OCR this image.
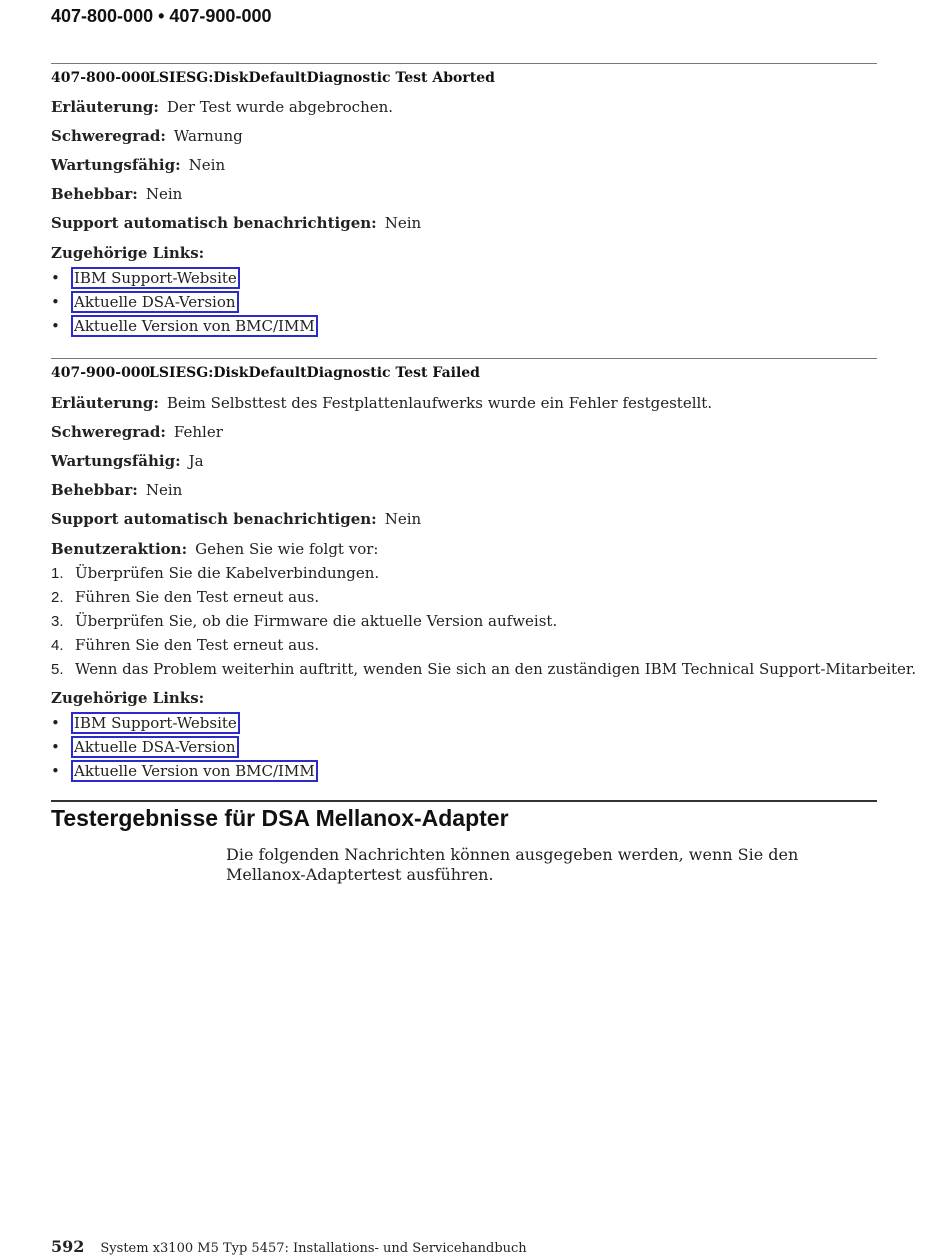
407-800-000 • 407-900-000
407-800-000LSIESG:DiskDefaultDiagnostic Test Aborted
Erläuterung: Der Test wurde abgebrochen.
Schweregrad: Warnung
Wartungsfähig: Nein
Behebbar: Nein
Support automatisch benachrichtigen: Nein
Zugehörige Links:
• IBM Support-Website
• Aktuelle DSA-Version
• Aktuelle Version von BMC/IMM
407-900-000LSIESG:DiskDefaultDiagnostic Test Failed
Erläuterung: Beim Selbsttest des Festplattenlaufwerks wurde ein Fehler festgestellt.
Schweregrad: Fehler
Wartungsfähig: Ja
Behebbar: Nein
Support automatisch benachrichtigen: Nein
Benutzeraktion: Gehen Sie wie folgt vor:
1. Überprüfen Sie die Kabelverbindungen.
2. Führen Sie den Test erneut aus.
3. Überprüfen Sie, ob die Firmware die aktuelle Version aufweist.
4. Führen Sie den Test erneut aus.
5. Wenn das Problem weiterhin auftritt, wenden Sie sich an den zuständigen IBM Technical Support-Mitarbeiter.
Zugehörige Links:
• IBM Support-Website
• Aktuelle DSA-Version
• Aktuelle Version von BMC/IMM
Testergebnisse für DSA Mellanox-Adapter
Die folgenden Nachrichten können ausgegeben werden, wenn Sie den Mellanox-Adaptertest ausführen.
592 System x3100 M5 Typ 5457: Installations- und Servicehandbuch
